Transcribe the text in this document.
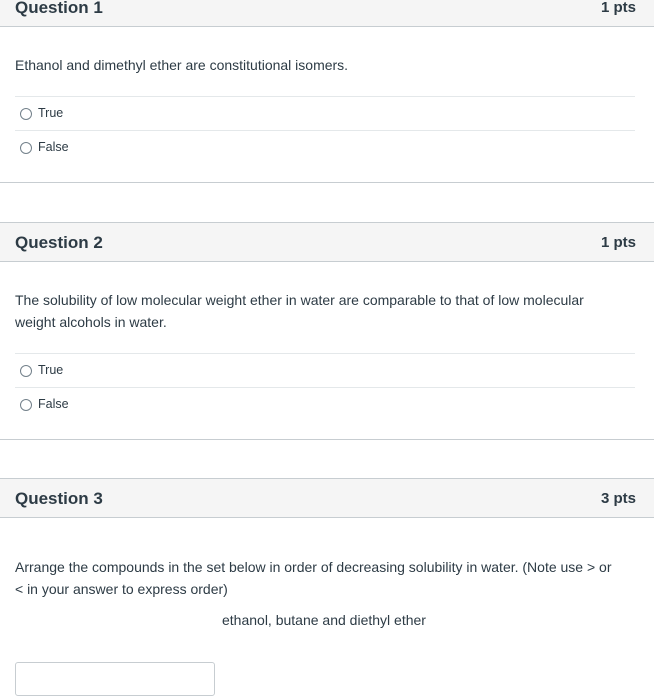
Question 1	1 pts
Ethanol and dimethyl ether are constitutional isomers.
True
False
Question 2	1 pts
The solubility of low molecular weight ether in water are comparable to that of low molecular weight alcohols in water.
True
False
Question 3	3 pts
Arrange the compounds in the set below in order of decreasing solubility in water. (Note use > or < in your answer to express order)
ethanol, butane and diethyl ether
